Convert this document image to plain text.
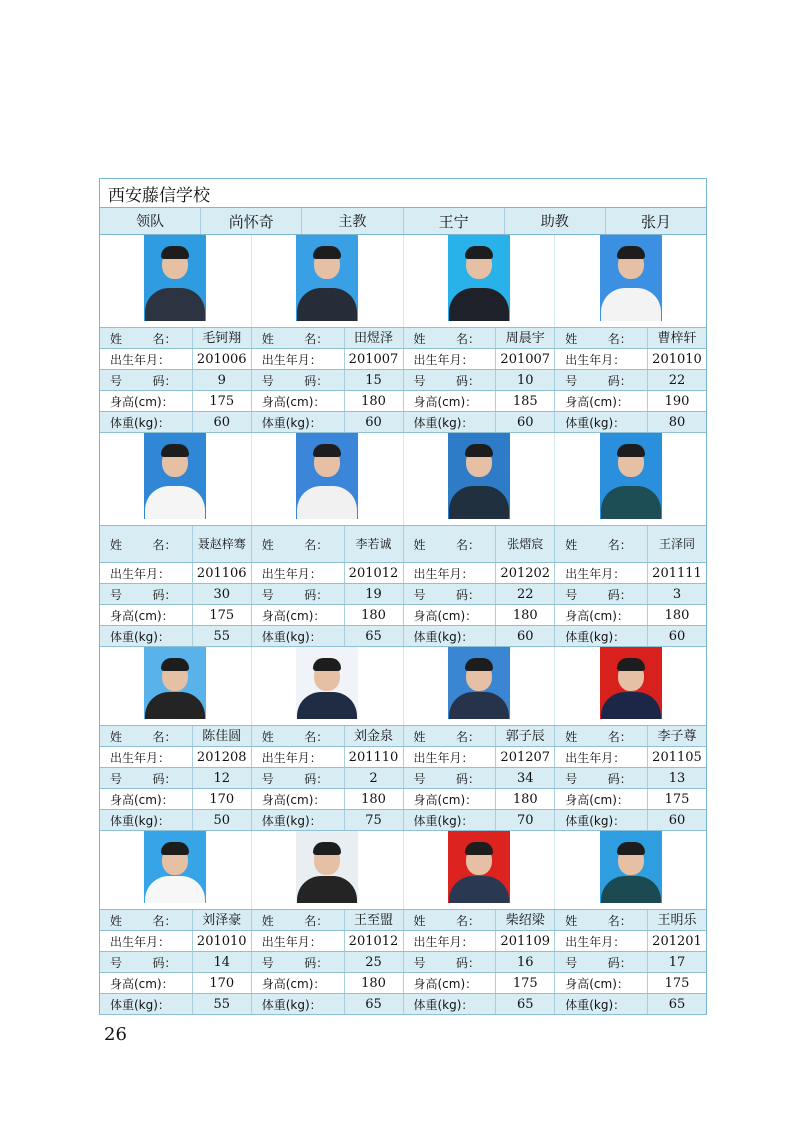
西安藤信学校
领队	尚怀奇	主教	王宁	助教	张月
姓        名：	毛钶翔	姓        名：	田煜泽	姓        名：	周晨宇	姓        名：	曹梓轩
出生年月：	201006	出生年月：	201007	出生年月：	201007	出生年月：	201010
号        码：	9	号        码：	15	号        码：	10	号        码：	22
身高(cm)：	175	身高(cm)：	180	身高(cm)：	185	身高(cm)：	190
体重(kg)：	60	体重(kg)：	60	体重(kg)：	60	体重(kg)：	80
姓        名：	聂赵梓骞	姓        名：	李若诚	姓        名：	张熠宸	姓        名：	王泽同
出生年月：	201106	出生年月：	201012	出生年月：	201202	出生年月：	201111
号        码：	30	号        码：	19	号        码：	22	号        码：	3
身高(cm)：	175	身高(cm)：	180	身高(cm)：	180	身高(cm)：	180
体重(kg)：	55	体重(kg)：	65	体重(kg)：	60	体重(kg)：	60
姓        名：	陈佳圆	姓        名：	刘金泉	姓        名：	郭子辰	姓        名：	李子尊
出生年月：	201208	出生年月：	201110	出生年月：	201207	出生年月：	201105
号        码：	12	号        码：	2	号        码：	34	号        码：	13
身高(cm)：	170	身高(cm)：	180	身高(cm)：	180	身高(cm)：	175
体重(kg)：	50	体重(kg)：	75	体重(kg)：	70	体重(kg)：	60
姓        名：	刘泽豪	姓        名：	王至盟	姓        名：	柴绍梁	姓        名：	王明乐
出生年月：	201010	出生年月：	201012	出生年月：	201109	出生年月：	201201
号        码：	14	号        码：	25	号        码：	16	号        码：	17
身高(cm)：	170	身高(cm)：	180	身高(cm)：	175	身高(cm)：	175
体重(kg)：	55	体重(kg)：	65	体重(kg)：	65	体重(kg)：	65
26
